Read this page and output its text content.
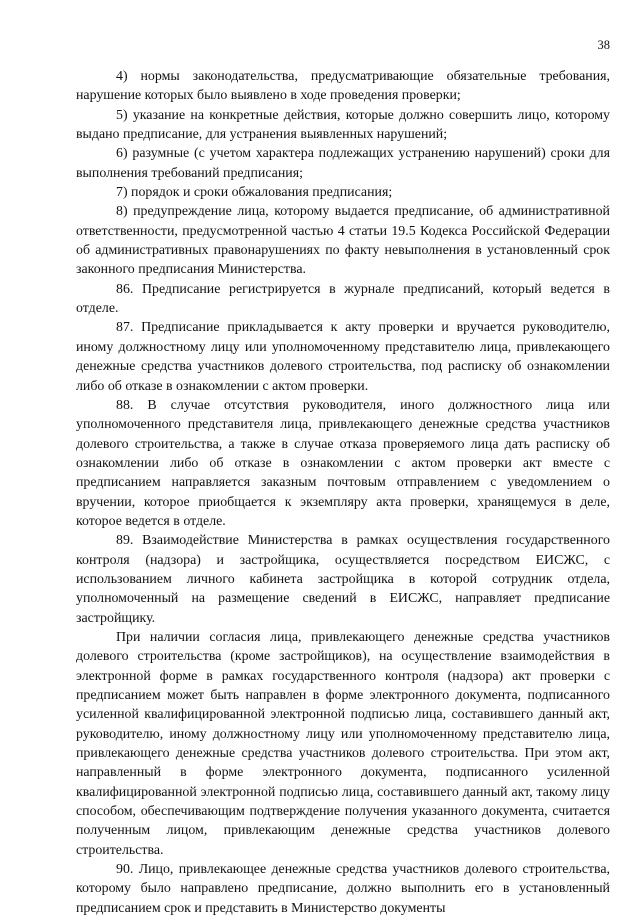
38

4) нормы законодательства, предусматривающие обязательные требования, нарушение которых было выявлено в ходе проведения проверки;

5) указание на конкретные действия, которые должно совершить лицо, которому выдано предписание, для устранения выявленных нарушений;

6) разумные (с учетом характера подлежащих устранению нарушений) сроки для выполнения требований предписания;

7) порядок и сроки обжалования предписания;

8) предупреждение лица, которому выдается предписание, об административной ответственности, предусмотренной частью 4 статьи 19.5 Кодекса Российской Федерации об административных правонарушениях по факту невыполнения в установленный срок законного предписания Министерства.

86. Предписание регистрируется в журнале предписаний, который ведется в отделе.

87. Предписание прикладывается к акту проверки и вручается руководителю, иному должностному лицу или уполномоченному представителю лица, привлекающего денежные средства участников долевого строительства, под расписку об ознакомлении либо об отказе в ознакомлении с актом проверки.

88. В случае отсутствия руководителя, иного должностного лица или уполномоченного представителя лица, привлекающего денежные средства участников долевого строительства, а также в случае отказа проверяемого лица дать расписку об ознакомлении либо об отказе в ознакомлении с актом проверки акт вместе с предписанием направляется заказным почтовым отправлением с уведомлением о вручении, которое приобщается к экземпляру акта проверки, хранящемуся в деле, которое ведется в отделе.

89. Взаимодействие Министерства в рамках осуществления государственного контроля (надзора) и застройщика, осуществляется посредством ЕИСЖС, с использованием личного кабинета застройщика в которой сотрудник отдела, уполномоченный на размещение сведений в ЕИСЖС, направляет предписание застройщику.

При наличии согласия лица, привлекающего денежные средства участников долевого строительства (кроме застройщиков), на осуществление взаимодействия в электронной форме в рамках государственного контроля (надзора) акт проверки с предписанием может быть направлен в форме электронного документа, подписанного усиленной квалифицированной электронной подписью лица, составившего данный акт, руководителю, иному должностному лицу или уполномоченному представителю лица, привлекающего денежные средства участников долевого строительства. При этом акт, направленный в форме электронного документа, подписанного усиленной квалифицированной электронной подписью лица, составившего данный акт, такому лицу способом, обеспечивающим подтверждение получения указанного документа, считается полученным лицом, привлекающим денежные средства участников долевого строительства.

90. Лицо, привлекающее денежные средства участников долевого строительства, которому было направлено предписание, должно выполнить его в установленный предписанием срок и представить в Министерство документы
